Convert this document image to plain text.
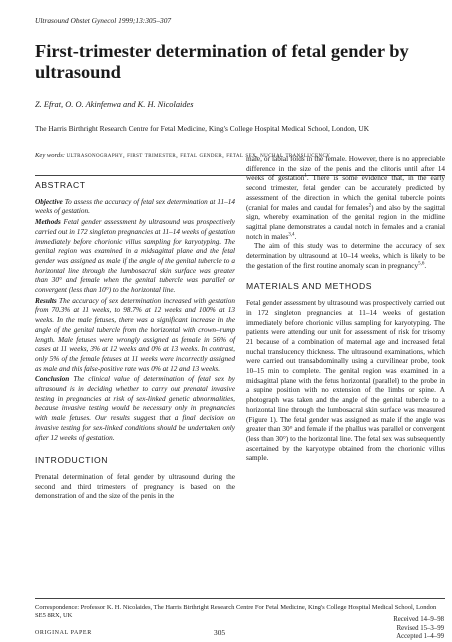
Ultrasound Obstet Gynecol 1999;13:305–307
First-trimester determination of fetal gender by ultrasound
Z. Efrat, O. O. Akinfenwa and K. H. Nicolaides
The Harris Birthright Research Centre for Fetal Medicine, King's College Hospital Medical School, London, UK
Key words: ultrasonography, first trimester, fetal gender, fetal sex, nuchal translucency
ABSTRACT

Objective To assess the accuracy of fetal sex determination at 11–14 weeks of gestation.

Methods Fetal gender assessment by ultrasound was prospectively carried out in 172 singleton pregnancies at 11–14 weeks of gestation immediately before chorionic villus sampling for karyotyping. The genital region was examined in a midsagittal plane and the fetal gender was assigned as male if the angle of the genital tubercle to a horizontal line through the lumbosacral skin surface was greater than 30° and female when the genital tubercle was parallel or convergent (less than 10°) to the horizontal line.

Results The accuracy of sex determination increased with gestation from 70.3% at 11 weeks, to 98.7% at 12 weeks and 100% at 13 weeks. In the male fetuses, there was a significant increase in the angle of the genital tubercle from the horizontal with crown–rump length. Male fetuses were wrongly assigned as female in 56% of cases at 11 weeks, 3% at 12 weeks and 0% at 13 weeks. In contrast, only 5% of the female fetuses at 11 weeks were incorrectly assigned as male and this false-positive rate was 0% at 12 and 13 weeks.

Conclusion The clinical value of determination of fetal sex by ultrasound is in deciding whether to carry out prenatal invasive testing in pregnancies at risk of sex-linked genetic abnormalities, because invasive testing would be necessary only in pregnancies with male fetuses. Our results suggest that a final decision on invasive testing for sex-linked conditions should be undertaken only after 12 weeks of gestation.

INTRODUCTION

Prenatal determination of fetal gender by ultrasound during the second and third trimesters of pregnancy is based on the demonstration of and the size of the penis in the

male, or labial folds in the female. However, there is no appreciable difference in the size of the penis and the clitoris until after 14 weeks of gestation$^1$. There is some evidence that, in the early second trimester, fetal gender can be accurately predicted by assessment of the direction in which the genital tubercle points (cranial for males and caudal for females$^2$) and also by the sagittal sign, whereby examination of the genital region in the midline sagittal plane demonstrates a caudal notch in females and a cranial notch in males$^{3,4}$.

The aim of this study was to determine the accuracy of sex determination by ultrasound at 10–14 weeks, which is likely to be the gestation of the first routine anomaly scan in pregnancy$^{5,6}$.

MATERIALS AND METHODS

Fetal gender assessment by ultrasound was prospectively carried out in 172 singleton pregnancies at 11–14 weeks of gestation immediately before chorionic villus sampling for karyotyping. The patients were attending our unit for assessment of risk for trisomy 21 because of a combination of maternal age and increased fetal nuchal translucency thickness. The ultrasound examinations, which were carried out transabdominally using a curvilinear probe, took 10–15 min to complete. The genital region was examined in a midsagittal plane with the fetus horizontal (parallel) to the probe in a supine position with no extension of the limbs or spine. A photograph was taken and the angle of the genital tubercle to a horizontal line through the lumbosacral skin surface was measured (Figure 1). The fetal gender was assigned as male if the angle was greater than 30° and female if the phallus was parallel or convergent (less than 30°) to the horizontal line. The fetal sex was subsequently ascertained by the karyotype obtained from the chorionic villus sample.

Correspondence: Professor K. H. Nicolaides, The Harris Birthright Research Centre For Fetal Medicine, King's College Hospital Medical School, London SE5 8RX, UK
ORIGINAL PAPER	305
Received 14–9–98
Revised 15–3–99
Accepted 1–4–99
